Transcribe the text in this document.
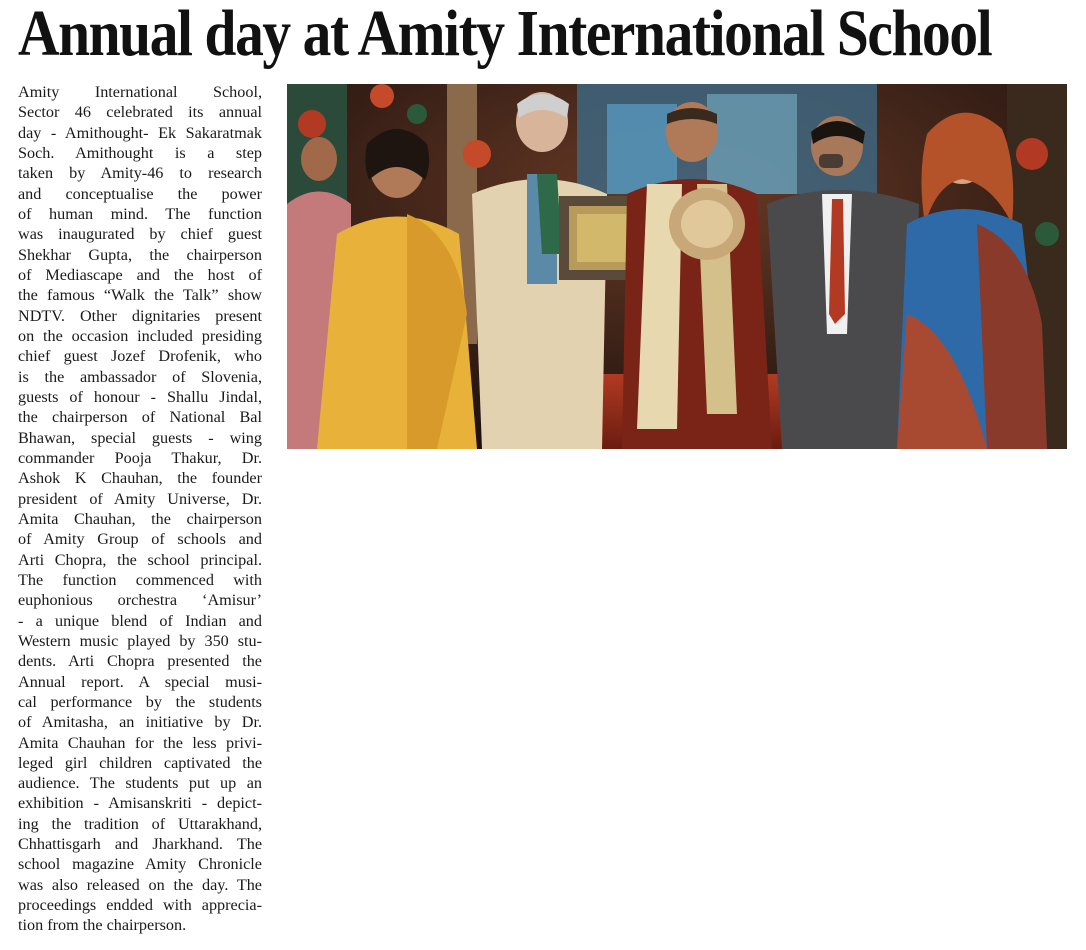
Annual day at Amity International School
Amity International School,
Sector 46 celebrated its annual
day - Amithought- Ek Sakaratmak
Soch. Amithought is a step
taken by Amity-46 to research
and conceptualise the power
of human mind. The function
was inaugurated by chief guest
Shekhar Gupta, the chairperson
of Mediascape and the host of
the famous “Walk the Talk” show
NDTV. Other dignitaries present
on the occasion included presiding
chief guest Jozef Drofenik, who
is the ambassador of Slovenia,
guests of honour - Shallu Jindal,
the chairperson of National Bal
Bhawan, special guests - wing
commander Pooja Thakur, Dr.
Ashok K Chauhan, the founder
president of Amity Universe, Dr.
Amita Chauhan, the chairperson
of Amity Group of schools and
Arti Chopra, the school principal.
The function commenced with
euphonious orchestra ‘Amisur’
- a unique blend of Indian and
Western music played by 350 stu-
dents. Arti Chopra presented the
Annual report. A special musi-
cal performance by the students
of Amitasha, an initiative by Dr.
Amita Chauhan for the less privi-
leged girl children captivated the
audience. The students put up an
exhibition - Amisanskriti - depict-
ing the tradition of Uttarakhand,
Chhattisgarh and Jharkhand. The
school magazine Amity Chronicle
was also released on the day. The
proceedings endded with apprecia-
tion from the chairperson.
